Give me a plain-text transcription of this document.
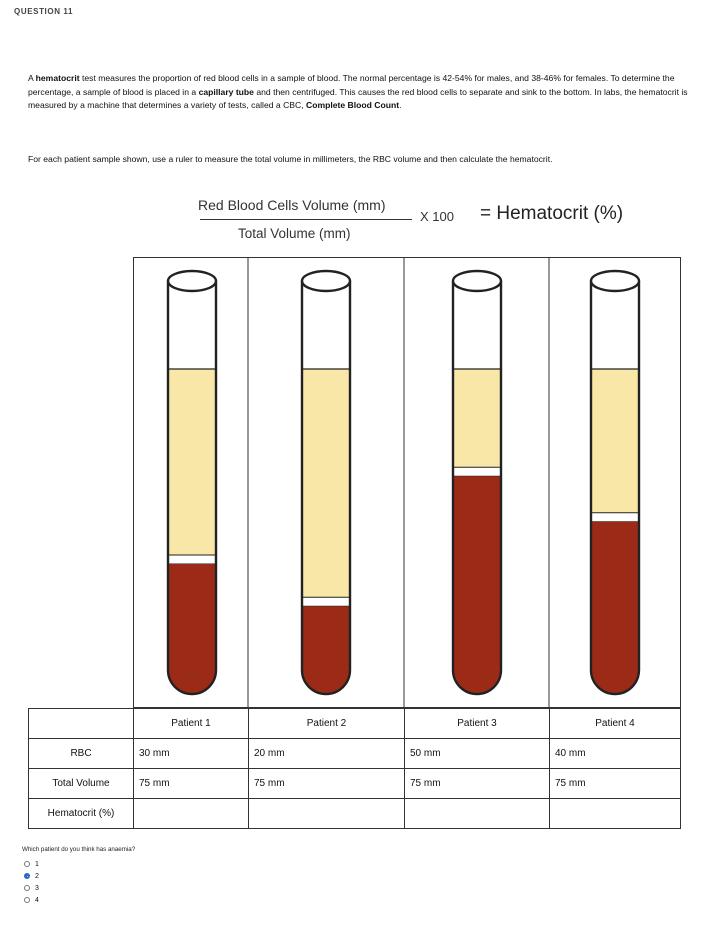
QUESTION 11
A hematocrit test measures the proportion of red blood cells in a sample of blood. The normal percentage is 42-54% for males, and 38-46% for females. To determine the percentage, a sample of blood is placed in a capillary tube and then centrifuged. This causes the red blood cells to separate and sink to the bottom. In labs, the hematocrit is measured by a machine that determines a variety of tests, called a CBC, Complete Blood Count.
For each patient sample shown, use a ruler to measure the total volume in millimeters, the RBC volume and then calculate the hematocrit.
Red Blood Cells Volume (mm)
Total Volume (mm)
X 100 = Hematocrit (%)
	Patient 1	Patient 2	Patient 3	Patient 4
RBC	30 mm	20 mm	50 mm	40 mm
Total Volume	75 mm	75 mm	75 mm	75 mm
Hematocrit (%)				
Which patient do you think has anaemia?
1
2
3
4
